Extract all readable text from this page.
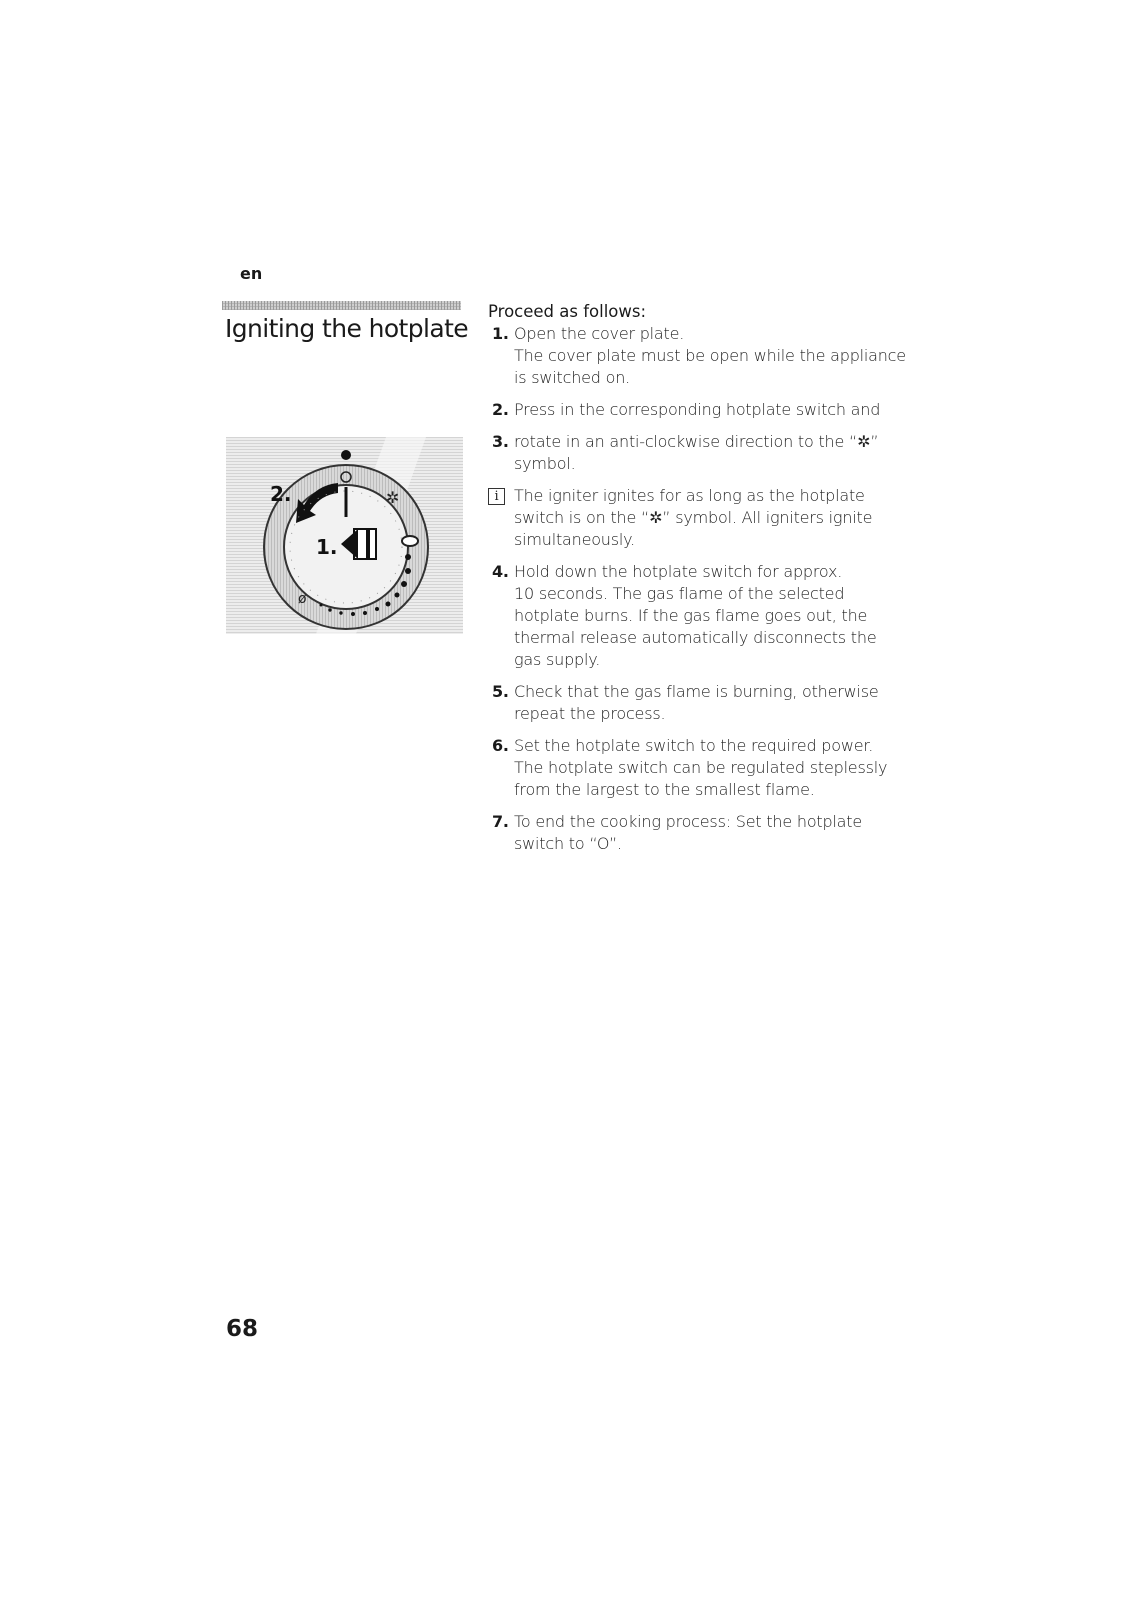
en
Igniting the hotplate
✲
ø
2.
1.
Proceed as follows:
1. Open the cover plate.
The cover plate must be open while the appliance
is switched on.
2. Press in the corresponding hotplate switch and
3. rotate in an anti-clockwise direction to the “✲”
symbol.
i The igniter ignites for as long as the hotplate
switch is on the “✲” symbol. All igniters ignite
simultaneously.
4. Hold down the hotplate switch for approx.
10 seconds. The gas flame of the selected
hotplate burns. If the gas flame goes out, the
thermal release automatically disconnects the
gas supply.
5. Check that the gas flame is burning, otherwise
repeat the process.
6. Set the hotplate switch to the required power.
The hotplate switch can be regulated steplessly
from the largest to the smallest flame.
7. To end the cooking process: Set the hotplate
switch to “O”.
68
